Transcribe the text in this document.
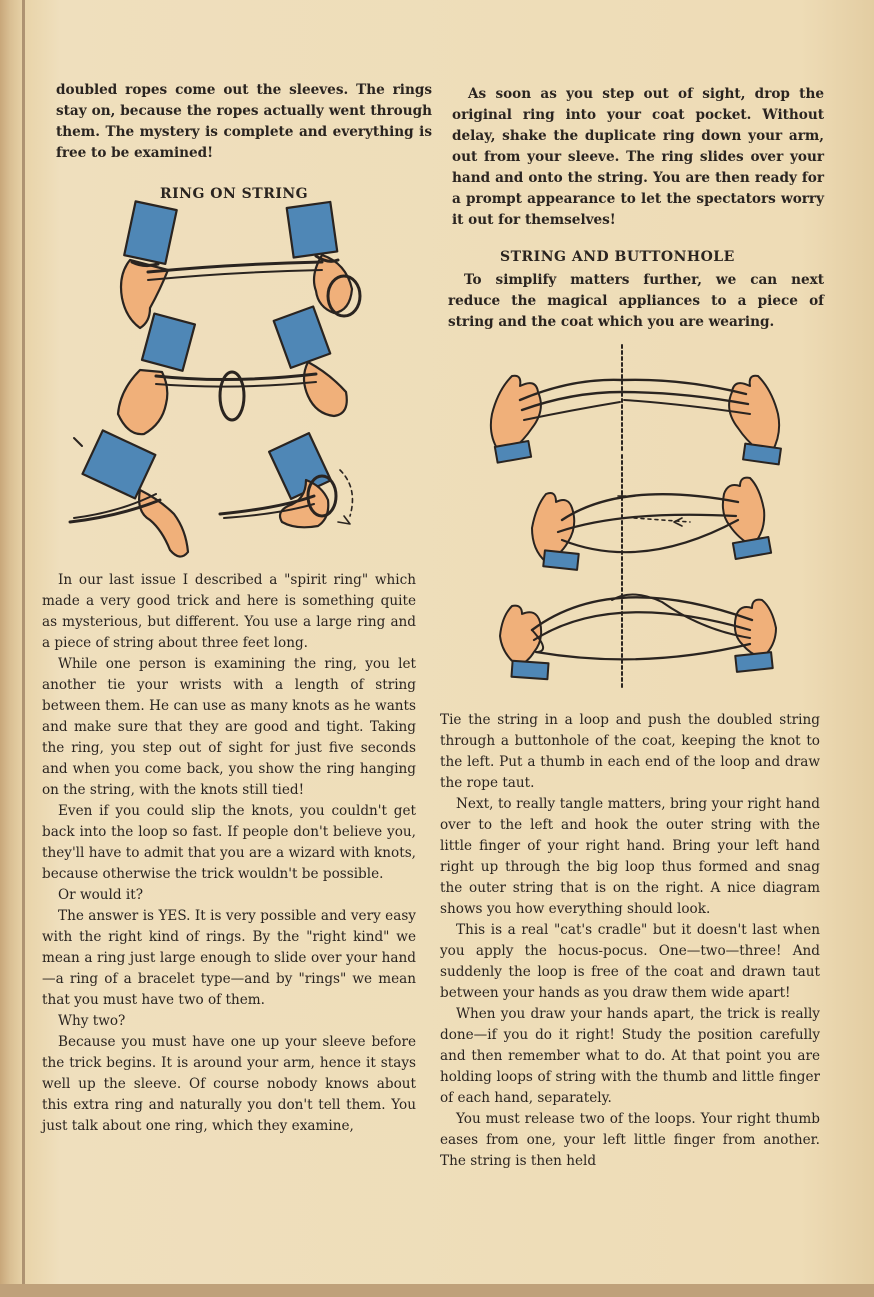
doubled ropes come out the sleeves. The rings stay on, because the ropes actually went through them. The mystery is complete and everything is free to be examined!

RING ON STRING

In our last issue I described a "spirit ring" which made a very good trick and here is something quite as mysterious, but different. You use a large ring and a piece of string about three feet long.

While one person is examining the ring, you let another tie your wrists with a length of string between them. He can use as many knots as he wants and make sure that they are good and tight. Taking the ring, you step out of sight for just five seconds and when you come back, you show the ring hanging on the string, with the knots still tied!

Even if you could slip the knots, you couldn't get back into the loop so fast. If people don't believe you, they'll have to admit that you are a wizard with knots, because otherwise the trick wouldn't be possible.

Or would it?

The answer is YES. It is very possible and very easy with the right kind of rings. By the "right kind" we mean a ring just large enough to slide over your hand—a ring of a bracelet type—and by "rings" we mean that you must have two of them.

Why two?

Because you must have one up your sleeve before the trick begins. It is around your arm, hence it stays well up the sleeve. Of course nobody knows about this extra ring and naturally you don't tell them. You just talk about one ring, which they examine,

As soon as you step out of sight, drop the original ring into your coat pocket. Without delay, shake the duplicate ring down your arm, out from your sleeve. The ring slides over your hand and onto the string. You are then ready for a prompt appearance to let the spectators worry it out for themselves!

STRING AND BUTTONHOLE

To simplify matters further, we can next reduce the magical appliances to a piece of string and the coat which you are wearing.

Tie the string in a loop and push the doubled string through a buttonhole of the coat, keeping the knot to the left. Put a thumb in each end of the loop and draw the rope taut.

Next, to really tangle matters, bring your right hand over to the left and hook the outer string with the little finger of your right hand. Bring your left hand right up through the big loop thus formed and snag the outer string that is on the right. A nice diagram shows you how everything should look.

This is a real "cat's cradle" but it doesn't last when you apply the hocus-pocus. One—two—three! And suddenly the loop is free of the coat and drawn taut between your hands as you draw them wide apart!

When you draw your hands apart, the trick is really done—if you do it right! Study the position carefully and then remember what to do. At that point you are holding loops of string with the thumb and little finger of each hand, separately.

You must release two of the loops. Your right thumb eases from one, your left little finger from another. The string is then held
